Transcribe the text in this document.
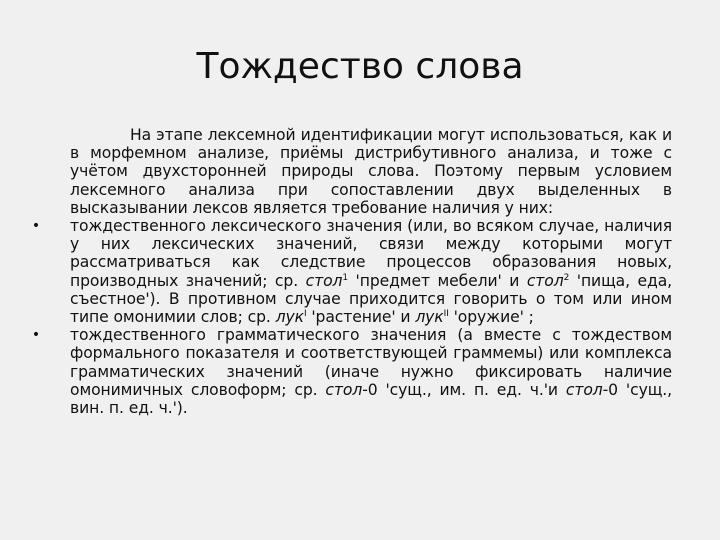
Тождество слова

На этапе лексемной идентификации могут использоваться, как и в морфемном анализе, приёмы дистрибутивного анализа, и тоже с учётом двухсторонней природы слова. Поэтому первым условием лексемного анализа при сопоставлении двух выделенных в высказывании лексов является требование наличия у них:

• тождественного лексического значения (или, во всяком случае, наличия у них лексических значений, связи между которыми могут рассматриваться как следствие процессов образования новых, производных значений; ср. стол$^1$ 'предмет мебели' и стол$^2$ 'пища, еда, съестное'). В противном случае приходится говорить о том или ином типе омонимии слов; ср. лук$^I$ 'растение' и лук$^{II}$ 'оружие' ;

• тождественного грамматического значения (а вместе с тождеством формального показателя и соответствующей граммемы) или комплекса грамматических значений (иначе нужно фиксировать наличие омонимичных словоформ; ср. стол-0 'сущ., им. п. ед. ч.'и стол-0 'сущ., вин. п. ед. ч.').
